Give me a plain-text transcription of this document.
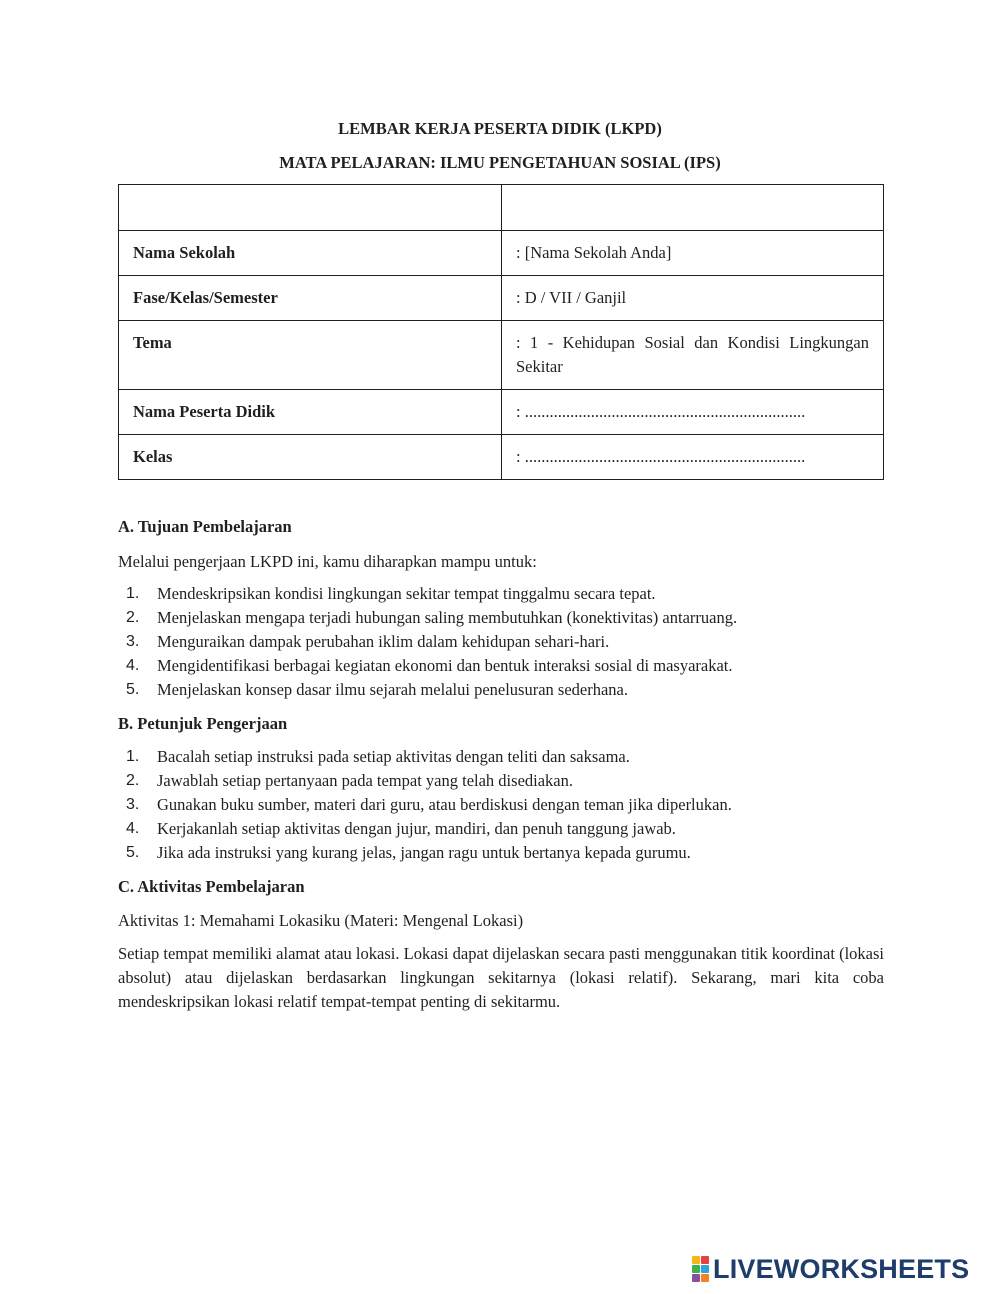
LEMBAR KERJA PESERTA DIDIK (LKPD)
MATA PELAJARAN: ILMU PENGETAHUAN SOSIAL (IPS)

Nama Sekolah	: [Nama Sekolah Anda]
Fase/Kelas/Semester	: D / VII / Ganjil
Tema	: 1 - Kehidupan Sosial dan Kondisi Lingkungan Sekitar
Nama Peserta Didik	: ....................................................................
Kelas	: ....................................................................
A. Tujuan Pembelajaran
Melalui pengerjaan LKPD ini, kamu diharapkan mampu untuk:
1. Mendeskripsikan kondisi lingkungan sekitar tempat tinggalmu secara tepat.
2. Menjelaskan mengapa terjadi hubungan saling membutuhkan (konektivitas) antarruang.
3. Menguraikan dampak perubahan iklim dalam kehidupan sehari-hari.
4. Mengidentifikasi berbagai kegiatan ekonomi dan bentuk interaksi sosial di masyarakat.
5. Menjelaskan konsep dasar ilmu sejarah melalui penelusuran sederhana.
B. Petunjuk Pengerjaan
1. Bacalah setiap instruksi pada setiap aktivitas dengan teliti dan saksama.
2. Jawablah setiap pertanyaan pada tempat yang telah disediakan.
3. Gunakan buku sumber, materi dari guru, atau berdiskusi dengan teman jika diperlukan.
4. Kerjakanlah setiap aktivitas dengan jujur, mandiri, dan penuh tanggung jawab.
5. Jika ada instruksi yang kurang jelas, jangan ragu untuk bertanya kepada gurumu.
C. Aktivitas Pembelajaran
Aktivitas 1: Memahami Lokasiku (Materi: Mengenal Lokasi)
Setiap tempat memiliki alamat atau lokasi. Lokasi dapat dijelaskan secara pasti menggunakan titik koordinat (lokasi absolut) atau dijelaskan berdasarkan lingkungan sekitarnya (lokasi relatif). Sekarang, mari kita coba mendeskripsikan lokasi relatif tempat-tempat penting di sekitarmu.
LIVEWORKSHEETS
